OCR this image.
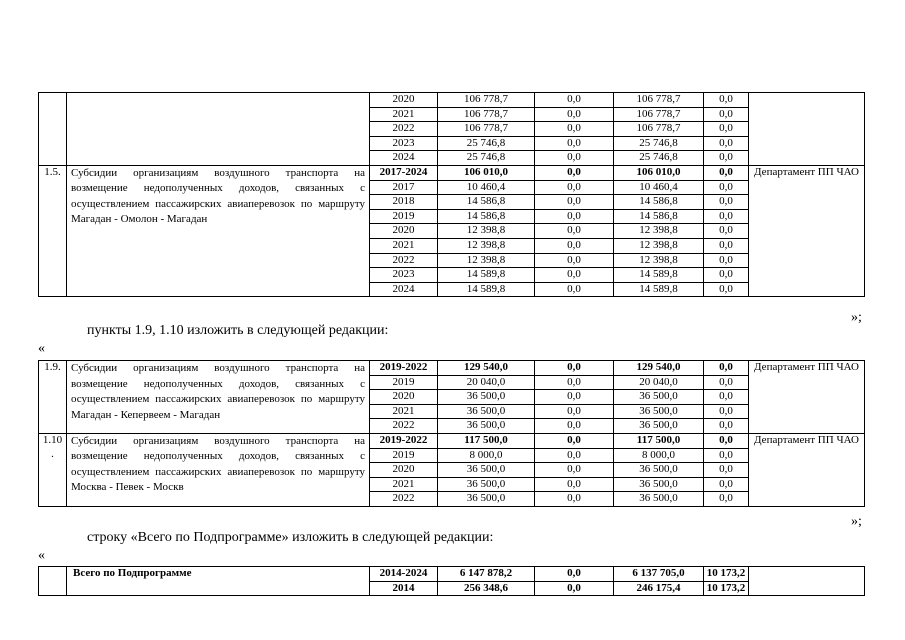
		2020	106 778,7	0,0	106 778,7	0,0	
		2021	106 778,7	0,0	106 778,7	0,0	
		2022	106 778,7	0,0	106 778,7	0,0	
		2023	25 746,8	0,0	25 746,8	0,0	
		2024	25 746,8	0,0	25 746,8	0,0	
1.5.	Субсидии организациям воздушного транспорта на возмещение недополученных доходов, связанных с осуществлением пассажирских авиаперевозок по маршруту Магадан - Омолон - Магадан	2017-2024	106 010,0	0,0	106 010,0	0,0	Департамент ПП ЧАО
		2017	10 460,4	0,0	10 460,4	0,0	
		2018	14 586,8	0,0	14 586,8	0,0	
		2019	14 586,8	0,0	14 586,8	0,0	
		2020	12 398,8	0,0	12 398,8	0,0	
		2021	12 398,8	0,0	12 398,8	0,0	
		2022	12 398,8	0,0	12 398,8	0,0	
		2023	14 589,8	0,0	14 589,8	0,0	
		2024	14 589,8	0,0	14 589,8	0,0	
»;
пункты 1.9, 1.10 изложить в следующей редакции:
«
1.9.	Субсидии организациям воздушного транспорта на возмещение недополученных доходов, связанных с осуществлением пассажирских авиаперевозок по маршруту Магадан - Кепервеем - Магадан	2019-2022	129 540,0	0,0	129 540,0	0,0	Департамент ПП ЧАО
		2019	20 040,0	0,0	20 040,0	0,0	
		2020	36 500,0	0,0	36 500,0	0,0	
		2021	36 500,0	0,0	36 500,0	0,0	
		2022	36 500,0	0,0	36 500,0	0,0	
1.10 .	Субсидии организациям воздушного транспорта на возмещение недополученных доходов, связанных с осуществлением пассажирских авиаперевозок по маршруту Москва - Певек - Москв	2019-2022	117 500,0	0,0	117 500,0	0,0	Департамент ПП ЧАО
		2019	8 000,0	0,0	8 000,0	0,0	
		2020	36 500,0	0,0	36 500,0	0,0	
		2021	36 500,0	0,0	36 500,0	0,0	
		2022	36 500,0	0,0	36 500,0	0,0	
»;
строку «Всего по Подпрограмме» изложить в следующей редакции:
«
	Всего по Подпрограмме	2014-2024	6 147 878,2	0,0	6 137 705,0	10 173,2	
		2014	256 348,6	0,0	246 175,4	10 173,2	
